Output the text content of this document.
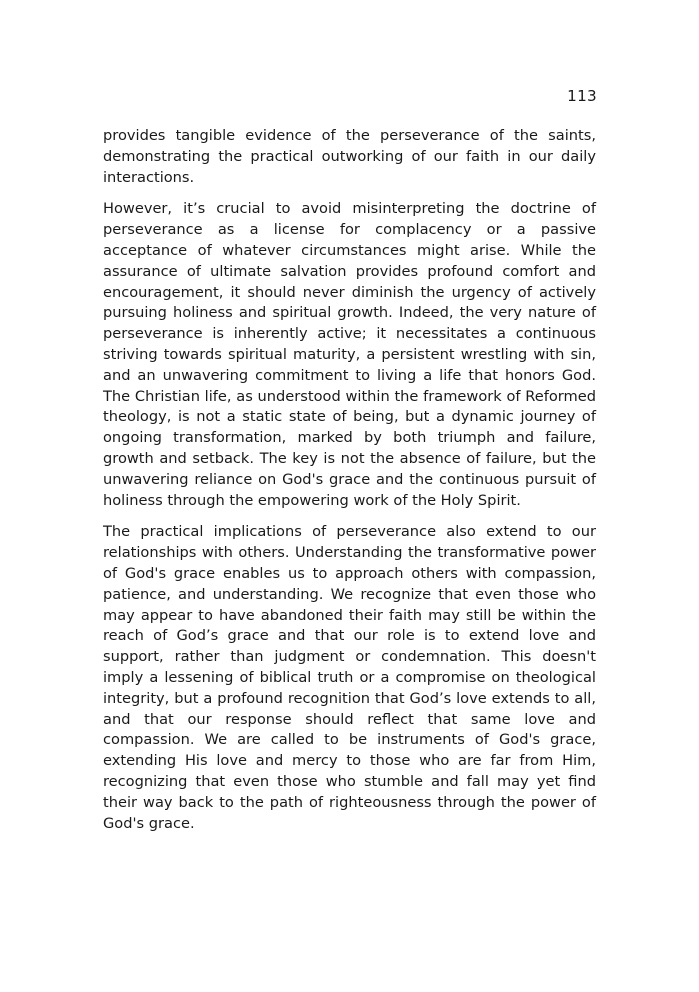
113

provides tangible evidence of the perseverance of the saints, demonstrating the practical outworking of our faith in our daily interactions.

However, it’s crucial to avoid misinterpreting the doctrine of perseverance as a license for complacency or a passive acceptance of whatever circumstances might arise. While the assurance of ultimate salvation provides profound comfort and encouragement, it should never diminish the urgency of actively pursuing holiness and spiritual growth. Indeed, the very nature of perseverance is inherently active; it necessitates a continuous striving towards spiritual maturity, a persistent wrestling with sin, and an unwavering commitment to living a life that honors God. The Christian life, as understood within the framework of Reformed theology, is not a static state of being, but a dynamic journey of ongoing transformation, marked by both triumph and failure, growth and setback. The key is not the absence of failure, but the unwavering reliance on God's grace and the continuous pursuit of holiness through the empowering work of the Holy Spirit.

The practical implications of perseverance also extend to our relationships with others. Understanding the transformative power of God's grace enables us to approach others with compassion, patience, and understanding. We recognize that even those who may appear to have abandoned their faith may still be within the reach of God’s grace and that our role is to extend love and support, rather than judgment or condemnation. This doesn't imply a lessening of biblical truth or a compromise on theological integrity, but a profound recognition that God’s love extends to all, and that our response should reflect that same love and compassion. We are called to be instruments of God's grace, extending His love and mercy to those who are far from Him, recognizing that even those who stumble and fall may yet find their way back to the path of righteousness through the power of God's grace.
